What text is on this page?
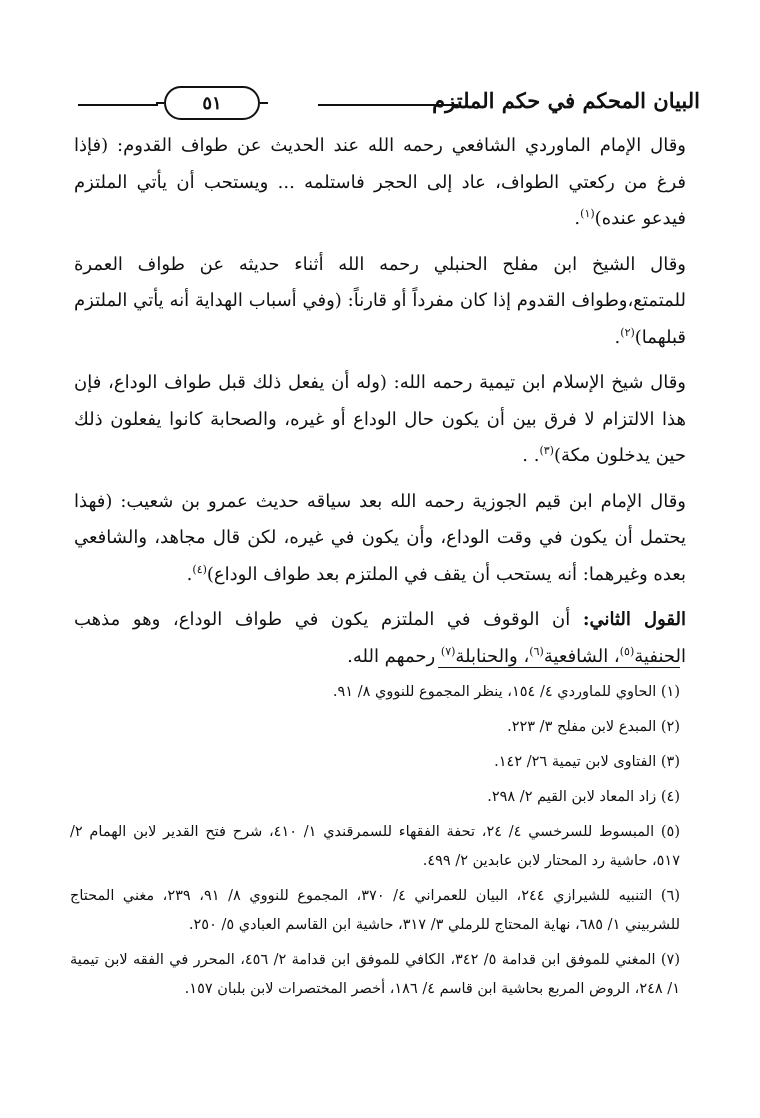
البيان المحكم في حكم الملتزم
٥١

وقال الإمام الماوردي الشافعي رحمه الله عند الحديث عن طواف القدوم: (فإذا فرغ من ركعتي الطواف، عاد إلى الحجر فاستلمه ... ويستحب أن يأتي الملتزم فيدعو عنده)$^{(١)}$.

وقال الشيخ ابن مفلح الحنبلي رحمه الله أثناء حديثه عن طواف العمرة للمتمتع،وطواف القدوم إذا كان مفرداً أو قارناً: (وفي أسباب الهداية أنه يأتي الملتزم قبلهما)$^{(٢)}$.

وقال شيخ الإسلام ابن تيمية رحمه الله: (وله أن يفعل ذلك قبل طواف الوداع، فإن هذا الالتزام لا فرق بين أن يكون حال الوداع أو غيره، والصحابة كانوا يفعلون ذلك حين يدخلون مكة)$^{(٣)}$. .

وقال الإمام ابن قيم الجوزية رحمه الله بعد سياقه حديث عمرو بن شعيب: (فهذا يحتمل أن يكون في وقت الوداع، وأن يكون في غيره، لكن قال مجاهد، والشافعي بعده وغيرهما: أنه يستحب أن يقف في الملتزم بعد طواف الوداع)$^{(٤)}$.

القول الثاني: أن الوقوف في الملتزم يكون في طواف الوداع، وهو مذهب الحنفية$^{(٥)}$، الشافعية$^{(٦)}$، والحنابلة$^{(٧)}$ رحمهم الله.

(١) الحاوي للماوردي ٤/ ١٥٤، ينظر المجموع للنووي ٨/ ٩١.

(٢) المبدع لابن مفلح ٣/ ٢٢٣.

(٣) الفتاوى لابن تيمية ٢٦/ ١٤٢.

(٤) زاد المعاد لابن القيم ٢/ ٢٩٨.

(٥) المبسوط للسرخسي ٤/ ٢٤، تحفة الفقهاء للسمرقندي ١/ ٤١٠، شرح فتح القدير لابن الهمام ٢/ ٥١٧، حاشية رد المحتار لابن عابدين ٢/ ٤٩٩.

(٦) التنبيه للشيرازي ٢٤٤، البيان للعمراني ٤/ ٣٧٠، المجموع للنووي ٨/ ٩١، ٢٣٩، مغني المحتاج للشربيني ١/ ٦٨٥، نهاية المحتاج للرملي ٣/ ٣١٧، حاشية ابن القاسم العبادي ٥/ ٢٥٠.

(٧) المغني للموفق ابن قدامة ٥/ ٣٤٢، الكافي للموفق ابن قدامة ٢/ ٤٥٦، المحرر في الفقه لابن تيمية ١/ ٢٤٨، الروض المربع بحاشية ابن قاسم ٤/ ١٨٦، أخصر المختصرات لابن بلبان ١٥٧.
